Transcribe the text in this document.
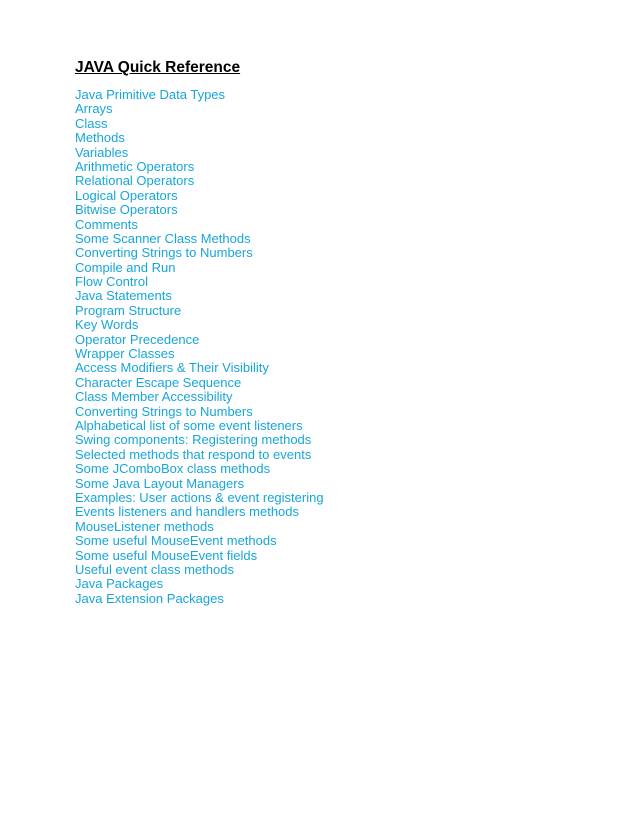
JAVA Quick Reference
Java Primitive Data Types
Arrays
Class
Methods
Variables
Arithmetic Operators
Relational Operators
Logical Operators
Bitwise Operators
Comments
Some Scanner Class Methods
Converting Strings to Numbers
Compile and Run
Flow Control
Java Statements
Program Structure
Key Words
Operator Precedence
Wrapper Classes
Access Modifiers & Their Visibility
Character Escape Sequence
Class Member Accessibility
Converting Strings to Numbers
Alphabetical list of some event listeners
Swing components: Registering methods
Selected methods that respond to events
Some JComboBox class methods
Some Java Layout Managers
Examples: User actions & event registering
Events listeners and handlers methods
MouseListener methods
Some useful MouseEvent methods
Some useful MouseEvent fields
Useful event class methods
Java Packages
Java Extension Packages
